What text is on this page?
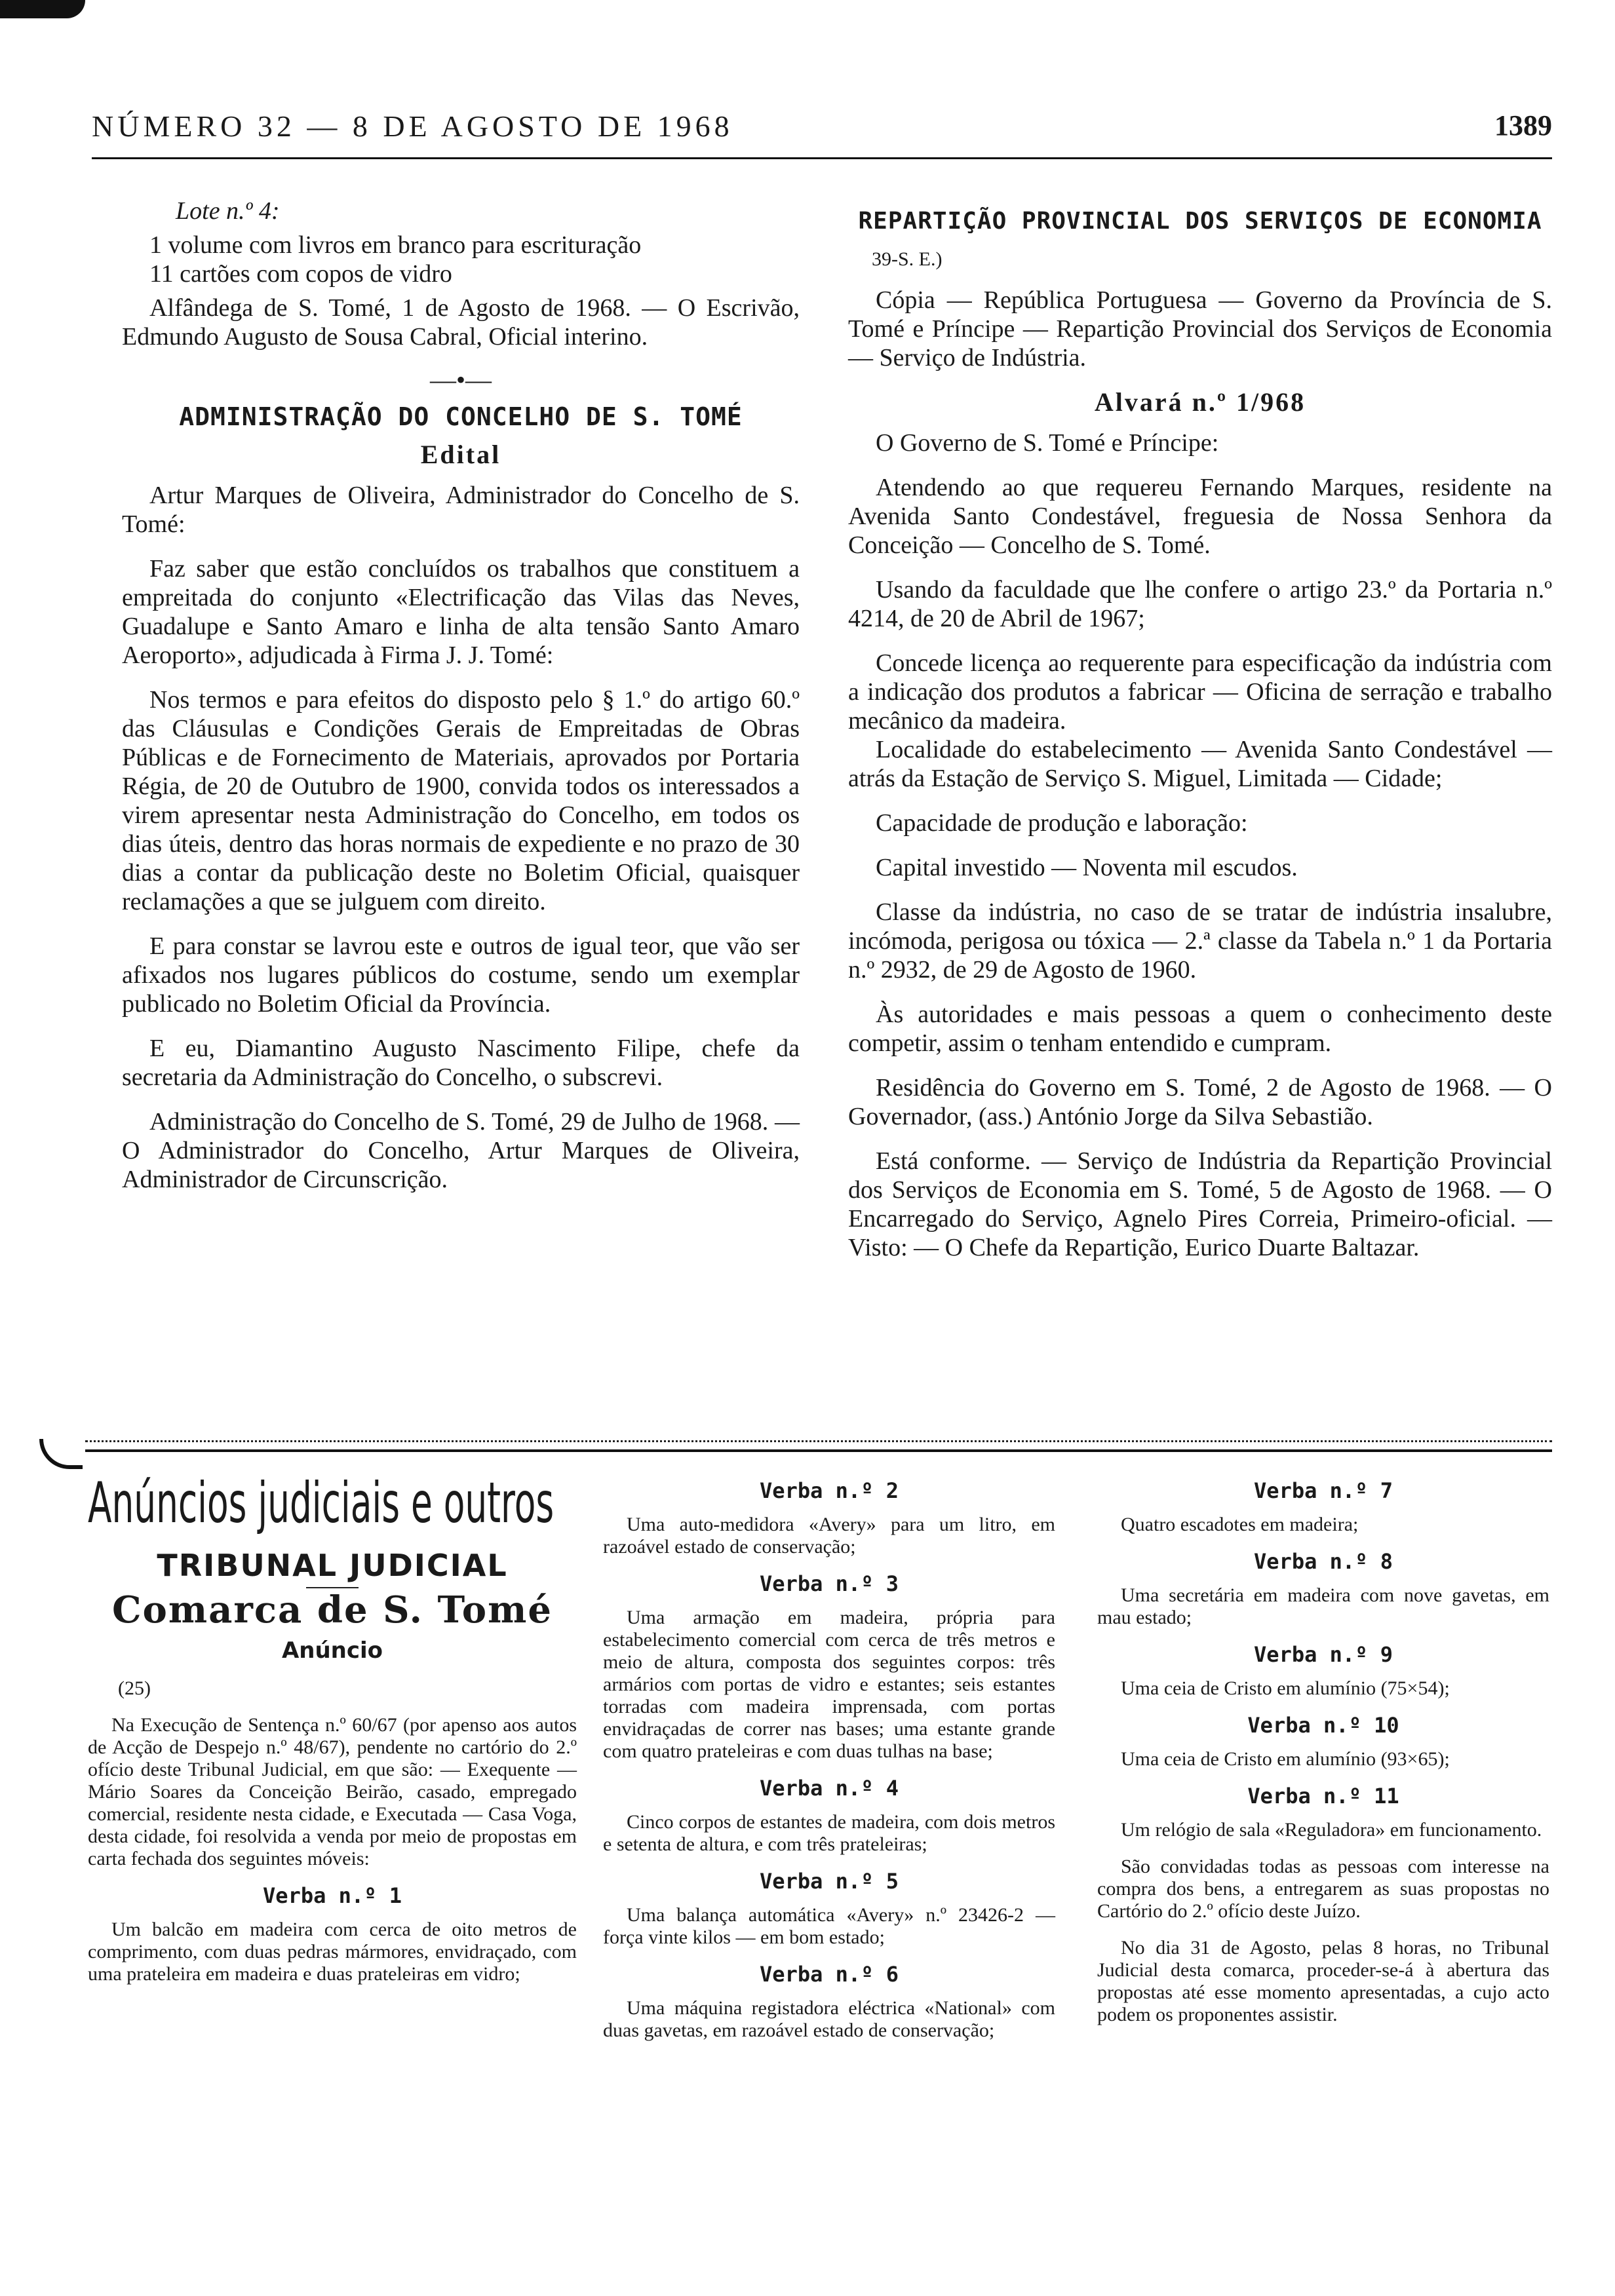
NÚMERO 32 — 8 DE AGOSTO DE 1968	1389

Lote n.º 4:

1 volume com livros em branco para escrituração

11 cartões com copos de vidro

Alfândega de S. Tomé, 1 de Agosto de 1968. — O Escrivão, Edmundo Augusto de Sousa Cabral, Oficial interino.

—•—
ADMINISTRAÇÃO DO CONCELHO DE S. TOMÉ
Edital

Artur Marques de Oliveira, Administrador do Concelho de S. Tomé:

Faz saber que estão concluídos os trabalhos que constituem a empreitada do conjunto «Electrificação das Vilas das Neves, Guadalupe e Santo Amaro e linha de alta tensão Santo Amaro Aeroporto», adjudicada à Firma J. J. Tomé:

Nos termos e para efeitos do disposto pelo § 1.º do artigo 60.º das Cláusulas e Condições Gerais de Empreitadas de Obras Públicas e de Fornecimento de Materiais, aprovados por Portaria Régia, de 20 de Outubro de 1900, convida todos os interessados a virem apresentar nesta Administração do Concelho, em todos os dias úteis, dentro das horas normais de expediente e no prazo de 30 dias a contar da publicação deste no Boletim Oficial, quaisquer reclamações a que se julguem com direito.

E para constar se lavrou este e outros de igual teor, que vão ser afixados nos lugares públicos do costume, sendo um exemplar publicado no Boletim Oficial da Província.

E eu, Diamantino Augusto Nascimento Filipe, chefe da secretaria da Administração do Concelho, o subscrevi.

Administração do Concelho de S. Tomé, 29 de Julho de 1968. — O Administrador do Concelho, Artur Marques de Oliveira, Administrador de Circunscrição.

REPARTIÇÃO PROVINCIAL DOS SERVIÇOS DE ECONOMIA

39-S. E.)

Cópia — República Portuguesa — Governo da Província de S. Tomé e Príncipe — Repartição Provincial dos Serviços de Economia — Serviço de Indústria.

Alvará n.º 1/968

O Governo de S. Tomé e Príncipe:

Atendendo ao que requereu Fernando Marques, residente na Avenida Santo Condestável, freguesia de Nossa Senhora da Conceição — Concelho de S. Tomé.

Usando da faculdade que lhe confere o artigo 23.º da Portaria n.º 4214, de 20 de Abril de 1967;

Concede licença ao requerente para especificação da indústria com a indicação dos produtos a fabricar — Oficina de serração e trabalho mecânico da madeira.

Localidade do estabelecimento — Avenida Santo Condestável — atrás da Estação de Serviço S. Miguel, Limitada — Cidade;

Capacidade de produção e laboração:

Capital investido — Noventa mil escudos.

Classe da indústria, no caso de se tratar de indústria insalubre, incómoda, perigosa ou tóxica — 2.ª classe da Tabela n.º 1 da Portaria n.º 2932, de 29 de Agosto de 1960.

Às autoridades e mais pessoas a quem o conhecimento deste competir, assim o tenham entendido e cumpram.

Residência do Governo em S. Tomé, 2 de Agosto de 1968. — O Governador, (ass.) António Jorge da Silva Sebastião.

Está conforme. — Serviço de Indústria da Repartição Provincial dos Serviços de Economia em S. Tomé, 5 de Agosto de 1968. — O Encarregado do Serviço, Agnelo Pires Correia, Primeiro-oficial. — Visto: — O Chefe da Repartição, Eurico Duarte Baltazar.

Anúncios judiciais e outros
TRIBUNAL JUDICIAL
Comarca de S. Tomé
Anúncio

(25)

Na Execução de Sentença n.º 60/67 (por apenso aos autos de Acção de Despejo n.º 48/67), pendente no cartório do 2.º ofício deste Tribunal Judicial, em que são: — Exequente — Mário Soares da Conceição Beirão, casado, empregado comercial, residente nesta cidade, e Executada — Casa Voga, desta cidade, foi resolvida a venda por meio de propostas em carta fechada dos seguintes móveis:

Verba n.º 1

Um balcão em madeira com cerca de oito metros de comprimento, com duas pedras mármores, envidraçado, com uma prateleira em madeira e duas prateleiras em vidro;

Verba n.º 2

Uma auto-medidora «Avery» para um litro, em razoável estado de conservação;

Verba n.º 3

Uma armação em madeira, própria para estabelecimento comercial com cerca de três metros e meio de altura, composta dos seguintes corpos: três armários com portas de vidro e estantes; seis estantes torradas com madeira imprensada, com portas envidraçadas de correr nas bases; uma estante grande com quatro prateleiras e com duas tulhas na base;

Verba n.º 4

Cinco corpos de estantes de madeira, com dois metros e setenta de altura, e com três prateleiras;

Verba n.º 5

Uma balança automática «Avery» n.º 23426-2 — força vinte kilos — em bom estado;

Verba n.º 6

Uma máquina registadora eléctrica «National» com duas gavetas, em razoável estado de conservação;

Verba n.º 7

Quatro escadotes em madeira;

Verba n.º 8

Uma secretária em madeira com nove gavetas, em mau estado;

Verba n.º 9

Uma ceia de Cristo em alumínio (75×54);

Verba n.º 10

Uma ceia de Cristo em alumínio (93×65);

Verba n.º 11

Um relógio de sala «Reguladora» em funcionamento.

São convidadas todas as pessoas com interesse na compra dos bens, a entregarem as suas propostas no Cartório do 2.º ofício deste Juízo.

No dia 31 de Agosto, pelas 8 horas, no Tribunal Judicial desta comarca, proceder-se-á à abertura das propostas até esse momento apresentadas, a cujo acto podem os proponentes assistir.
